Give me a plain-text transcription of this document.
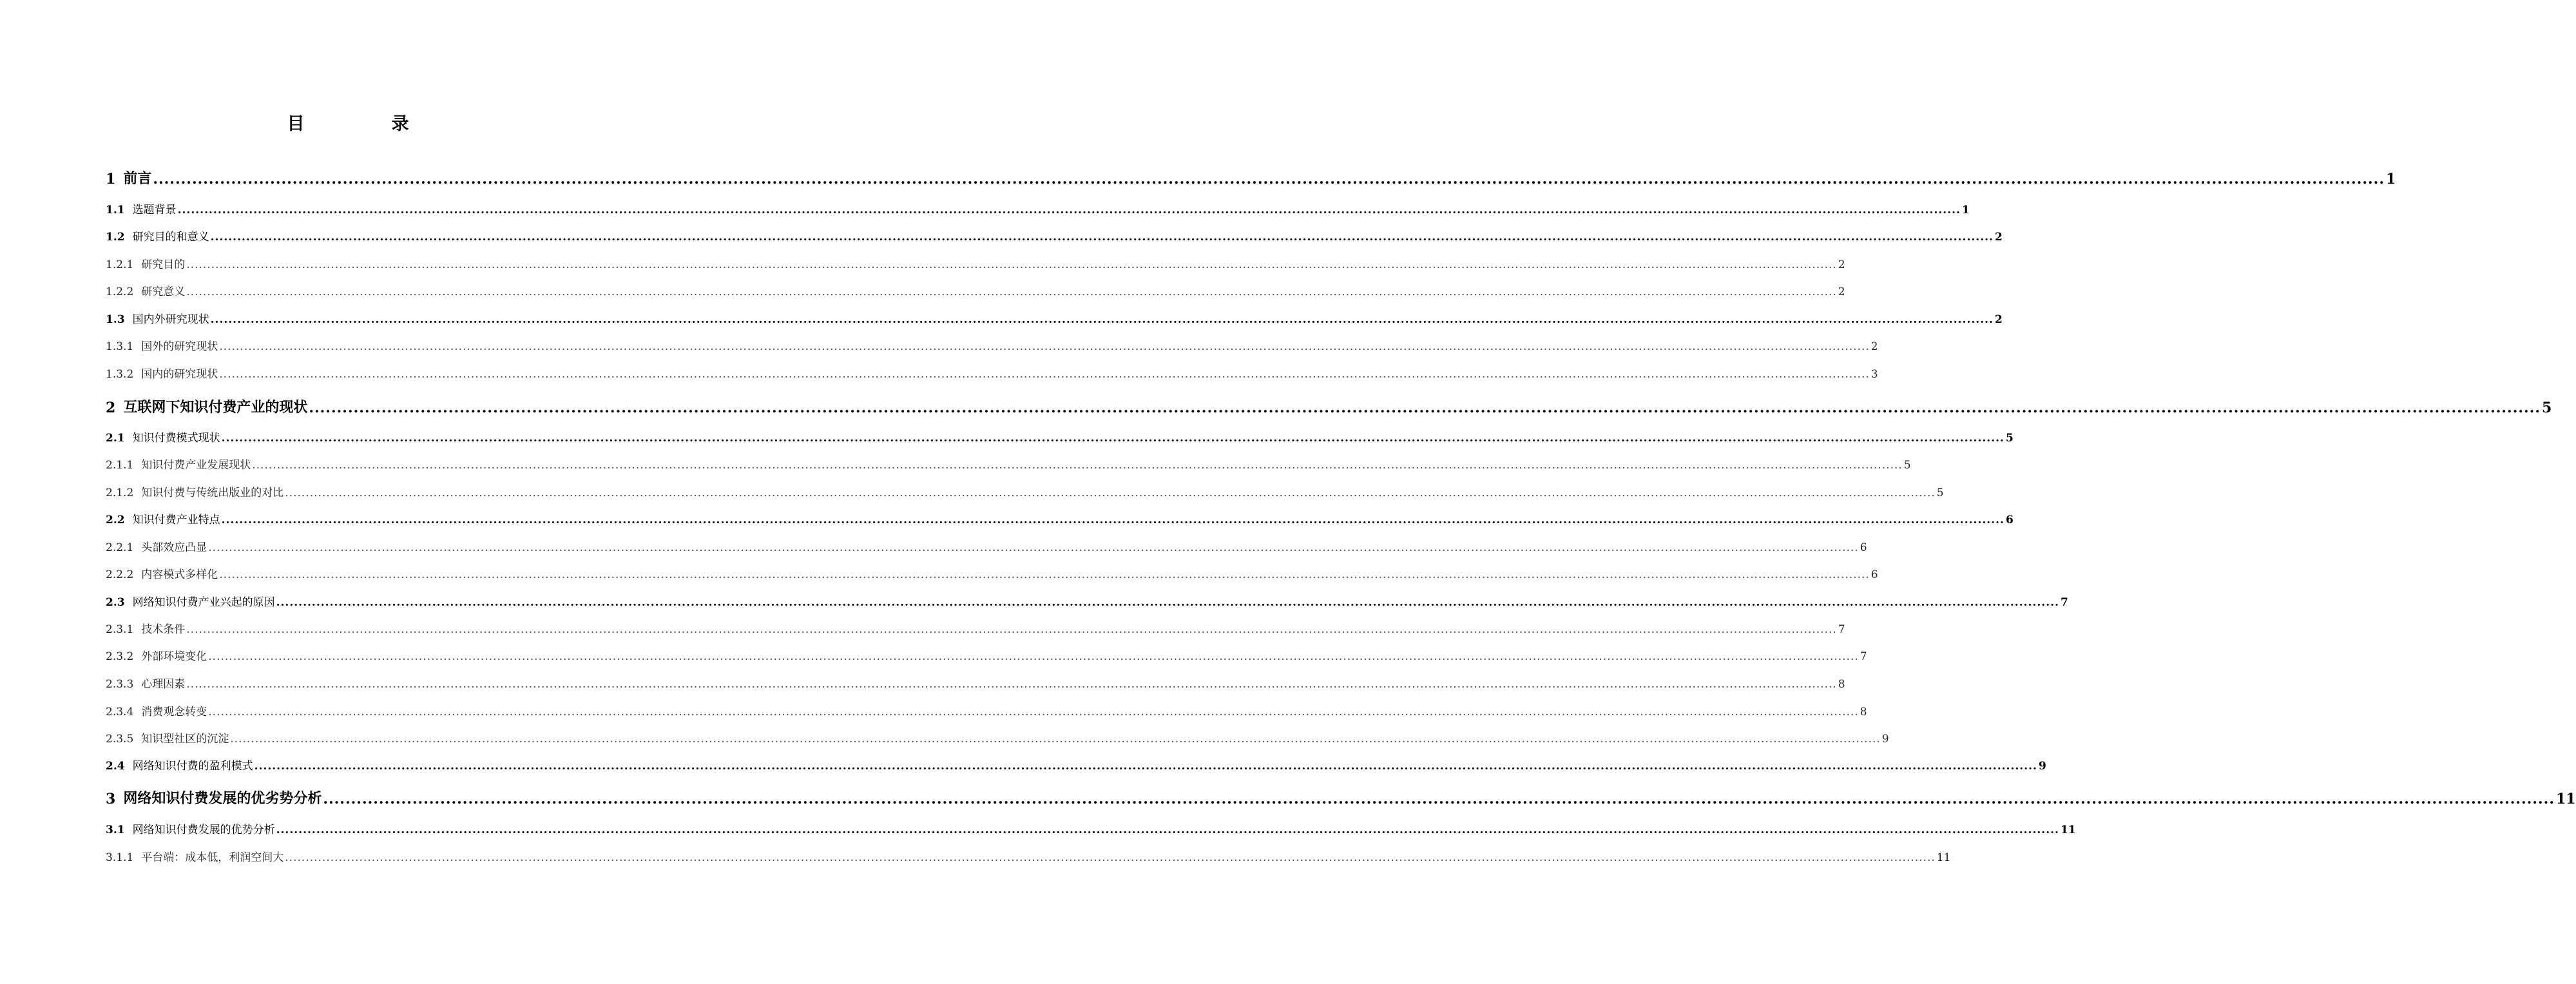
目　录
1 前言 ................................................................................................................................................................................................................................................................................................................................................................................................................ 1
1.1 选题背景 ................................................................................................................................................................................................................................................................................................................................................................................................................ 1
1.2 研究目的和意义 ................................................................................................................................................................................................................................................................................................................................................................................................................ 2
1.2.1 研究目的 ................................................................................................................................................................................................................................................................................................................................................................................................................ 2
1.2.2 研究意义 ................................................................................................................................................................................................................................................................................................................................................................................................................ 2
1.3 国内外研究现状 ................................................................................................................................................................................................................................................................................................................................................................................................................ 2
1.3.1 国外的研究现状 ................................................................................................................................................................................................................................................................................................................................................................................................................ 2
1.3.2 国内的研究现状 ................................................................................................................................................................................................................................................................................................................................................................................................................ 3
2 互联网下知识付费产业的现状 ................................................................................................................................................................................................................................................................................................................................................................................................................ 5
2.1 知识付费模式现状 ................................................................................................................................................................................................................................................................................................................................................................................................................ 5
2.1.1 知识付费产业发展现状 ................................................................................................................................................................................................................................................................................................................................................................................................................ 5
2.1.2 知识付费与传统出版业的对比 ................................................................................................................................................................................................................................................................................................................................................................................................................ 5
2.2 知识付费产业特点 ................................................................................................................................................................................................................................................................................................................................................................................................................ 6
2.2.1 头部效应凸显 ................................................................................................................................................................................................................................................................................................................................................................................................................ 6
2.2.2 内容模式多样化 ................................................................................................................................................................................................................................................................................................................................................................................................................ 6
2.3 网络知识付费产业兴起的原因 ................................................................................................................................................................................................................................................................................................................................................................................................................ 7
2.3.1 技术条件 ................................................................................................................................................................................................................................................................................................................................................................................................................ 7
2.3.2 外部环境变化 ................................................................................................................................................................................................................................................................................................................................................................................................................ 7
2.3.3 心理因素 ................................................................................................................................................................................................................................................................................................................................................................................................................ 8
2.3.4 消费观念转变 ................................................................................................................................................................................................................................................................................................................................................................................................................ 8
2.3.5 知识型社区的沉淀 ................................................................................................................................................................................................................................................................................................................................................................................................................ 9
2.4 网络知识付费的盈利模式 ................................................................................................................................................................................................................................................................................................................................................................................................................ 9
3 网络知识付费发展的优劣势分析 ................................................................................................................................................................................................................................................................................................................................................................................................................ 11
3.1 网络知识付费发展的优势分析 ................................................................................................................................................................................................................................................................................................................................................................................................................ 11
3.1.1 平台端：成本低，利润空间大 ................................................................................................................................................................................................................................................................................................................................................................................................................ 11
